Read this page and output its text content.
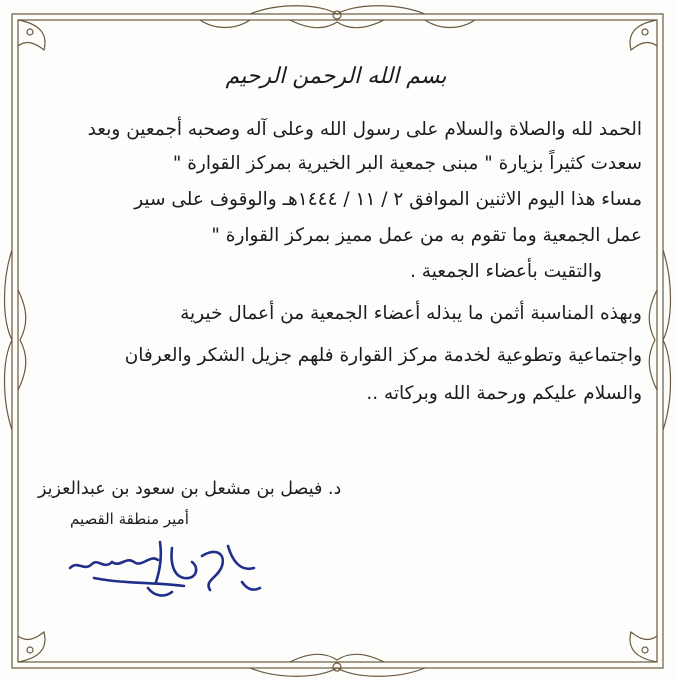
بسم الله الرحمن الرحيم
الحمد لله والصلاة والسلام على رسول الله وعلى آله وصحبه أجمعين وبعد
سعدت كثيراً بزيارة " مبنى جمعية البر الخيرية بمركز القوارة "
مساء هذا اليوم الاثنين الموافق ٢ / ١١ / ١٤٤٤هـ والوقوف على سير
عمل الجمعية وما تقوم به من عمل مميز بمركز القوارة "
والتقيت بأعضاء الجمعية .
وبهذه المناسبة أثمن ما يبذله أعضاء الجمعية من أعمال خيرية
واجتماعية وتطوعية لخدمة مركز القوارة فلهم جزيل الشكر والعرفان
والسلام عليكم ورحمة الله وبركاته ..
د. فيصل بن مشعل بن سعود بن عبدالعزيز
أمير منطقة القصيم
